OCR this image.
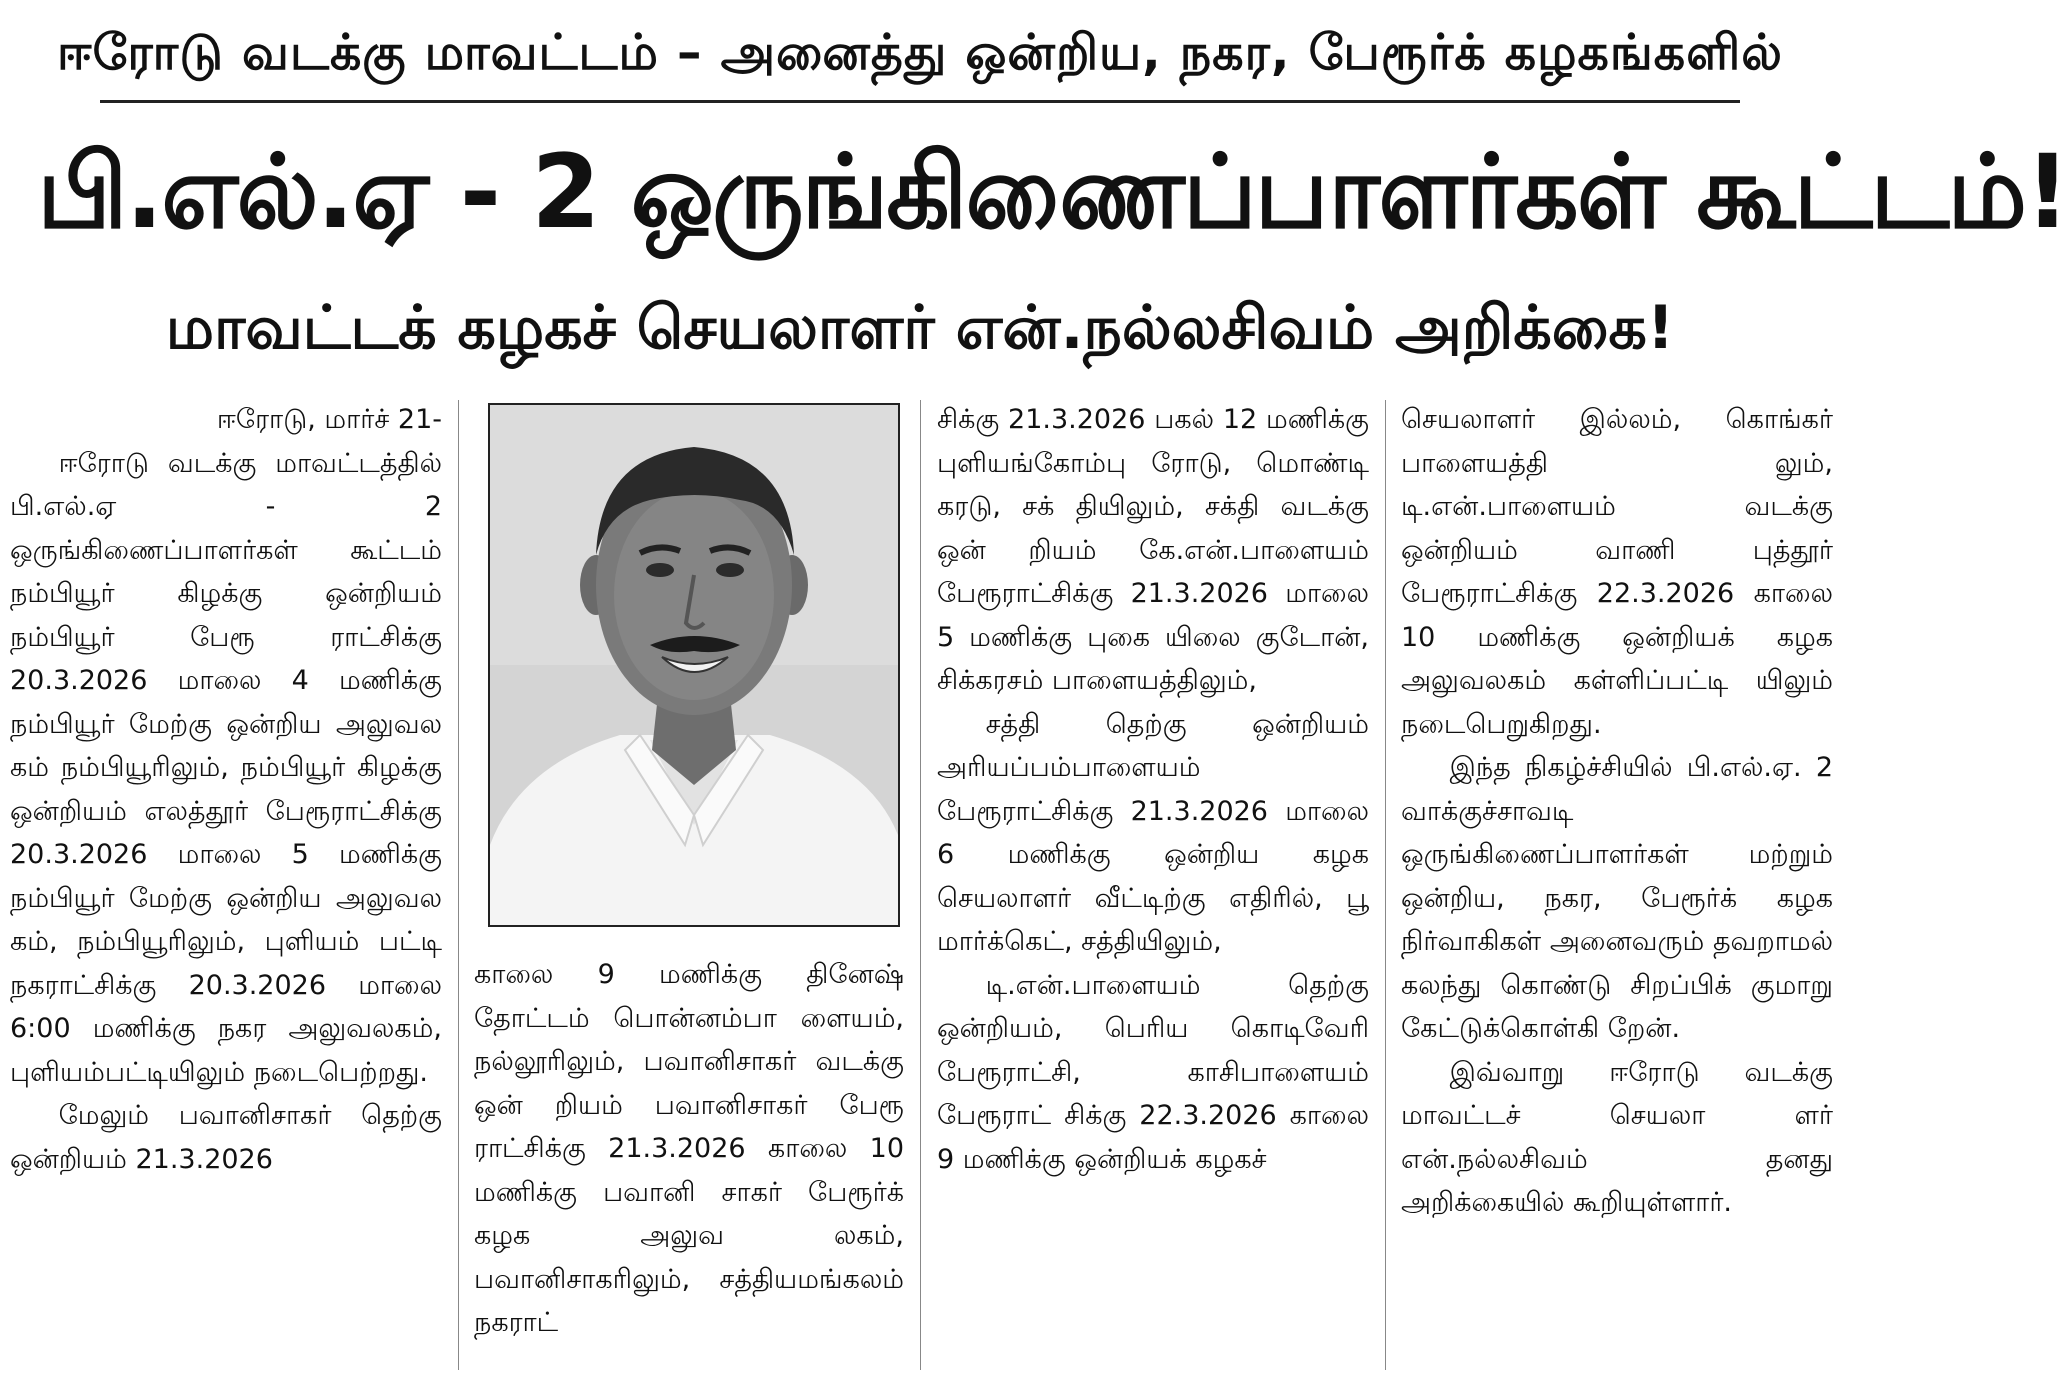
ஈரோடு வடக்கு மாவட்டம் – அனைத்து ஒன்றிய, நகர, பேரூர்க் கழகங்களில்
பி.எல்.ஏ - 2 ஒருங்கிணைப்பாளர்கள் கூட்டம்!
மாவட்டக் கழகச் செயலாளர் என்.நல்லசிவம் அறிக்கை!

ஈரோடு, மார்ச் 21-

ஈரோடு வடக்கு மாவட்டத்தில் பி.எல்.ஏ - 2 ஒருங்கிணைப்பாளர்கள் கூட்டம் நம்பியூர் கிழக்கு ஒன்றியம் நம்பியூர் பேரூ ராட்சிக்கு 20.3.2026 மாலை 4 மணிக்கு நம்பியூர் மேற்கு ஒன்றிய அலுவல கம் நம்பியூரிலும், நம்பியூர் கிழக்கு ஒன்றியம் எலத்தூர் பேரூராட்சிக்கு 20.3.2026 மாலை 5 மணிக்கு நம்பியூர் மேற்கு ஒன்றிய அலுவல கம், நம்பியூரிலும், புளியம் பட்டி நகராட்சிக்கு 20.3.2026 மாலை 6:00 மணிக்கு நகர அலுவலகம், புளியம்பட்டியிலும் நடைபெற்றது.

மேலும் பவானிசாகர் தெற்கு ஒன்றியம் 21.3.2026

காலை 9 மணிக்கு தினேஷ் தோட்டம் பொன்னம்பா ளையம், நல்லூரிலும், பவானிசாகர் வடக்கு ஒன் றியம் பவானிசாகர் பேரூ ராட்சிக்கு 21.3.2026 காலை 10 மணிக்கு பவானி சாகர் பேரூர்க் கழக அலுவ லகம், பவானிசாகரிலும், சத்தியமங்கலம் நகராட்

சிக்கு 21.3.2026 பகல் 12 மணிக்கு புளியங்கோம்பு ரோடு, மொண்டி கரடு, சக் தியிலும், சக்தி வடக்கு ஒன் றியம் கே.என்.பாளையம் பேரூராட்சிக்கு 21.3.2026 மாலை 5 மணிக்கு புகை யிலை குடோன், சிக்கரசம் பாளையத்திலும்,

சத்தி தெற்கு ஒன்றியம் அரியப்பம்பாளையம் பேரூராட்சிக்கு 21.3.2026 மாலை 6 மணிக்கு ஒன்றிய கழக செயலாளர் வீட்டிற்கு எதிரில், பூ மார்க்கெட், சத்தியிலும்,

டி.என்.பாளையம் தெற்கு ஒன்றியம், பெரிய கொடிவேரி பேரூராட்சி, காசிபாளையம் பேரூராட் சிக்கு 22.3.2026 காலை 9 மணிக்கு ஒன்றியக் கழகச்

செயலாளர் இல்லம், கொங்கர் பாளையத்தி லும், டி.என்.பாளையம் வடக்கு ஒன்றியம் வாணி புத்தூர் பேரூராட்சிக்கு 22.3.2026 காலை 10 மணிக்கு ஒன்றியக் கழக அலுவலகம் கள்ளிப்பட்டி யிலும் நடைபெறுகிறது.

இந்த நிகழ்ச்சியில் பி.எல்.ஏ. 2 வாக்குச்சாவடி ஒருங்கிணைப்பாளர்கள் மற்றும் ஒன்றிய, நகர, பேரூர்க் கழக நிர்வாகிகள் அனைவரும் தவறாமல் கலந்து கொண்டு சிறப்பிக் குமாறு கேட்டுக்கொள்கி றேன்.

இவ்வாறு ஈரோடு வடக்கு மாவட்டச் செயலா ளர் என்.நல்லசிவம் தனது அறிக்கையில் கூறியுள்ளார்.
